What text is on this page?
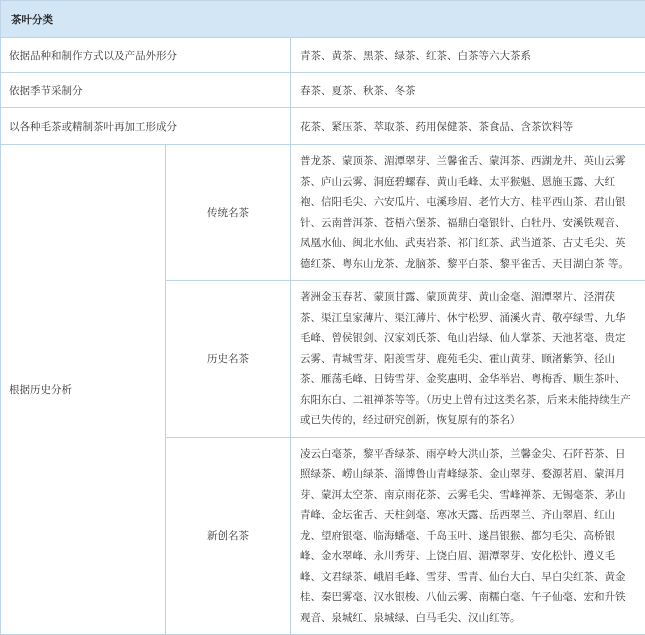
茶叶分类		
依据品种和制作方式以及产品外形分		青茶、黄茶、黑茶、绿茶、红茶、白茶等六大茶系
依据季节采制分		春茶、夏茶、秋茶、冬茶
以各种毛茶或精制茶叶再加工形成分		花茶、紧压茶、萃取茶、药用保健茶、茶食品、含茶饮料等
根据历史分析	传统名茶	普龙茶、蒙顶茶、湄潭翠芽、兰馨雀舌、蒙洱茶、西湖龙井、英山云雾茶、庐山云雾、洞庭碧螺春、黄山毛峰、太平猴魁、恩施玉露、大红袍、信阳毛尖、六安瓜片、屯溪珍眉、老竹大方、桂平西山茶、君山银针、云南普洱茶、苍梧六堡茶、福鼎白毫银针、白牡丹、安溪铁观音、凤凰水仙、闽北水仙、武夷岩茶、祁门红茶、武当道茶、古丈毛尖、英德红茶、粤东山龙茶、龙脑茶、黎平白茶、黎平雀舌、天目湖白茶 等。
	历史名茶	著洲金玉春茗、蒙顶甘露、蒙顶黄芽、黄山金毫、湄潭翠片、泾渭茯茶、渠江皇家薄片、渠江薄片、休宁松罗、涌溪火青、敬亭绿雪、九华毛峰、曾侯银剑、汉家刘氏茶、龟山岩绿、仙人掌茶、天池茗毫、贵定云雾、青城雪芽、阳羡雪芽、鹿苑毛尖、霍山黄芽、顾渚紫笋、径山茶、雁荡毛峰、日铸雪芽、金奖惠明、金华举岩、粤梅香、顺生茶叶、东阳东白、二祖禅茶等等。（历史上曾有过这类名茶，后来未能持续生产或已失传的，经过研究创新，恢复原有的茶名）
	新创名茶	凌云白毫茶，黎平香绿茶、雨亭岭大洪山茶，兰馨金尖、石阡苔茶、日照绿茶、崂山绿茶、淄博鲁山青峰绿茶、金山翠芽、婺源茗眉、蒙洱月芽、蒙洱太空茶、南京雨花茶、云雾毛尖、雪峰禅茶、无锡毫茶、茅山青峰、金坛雀舌、天柱剑毫、寒冰天露、岳西翠兰、齐山翠眉、红山龙、望府银毫、临海蟠毫、千岛玉叶、遂昌银猴、都匀毛尖、高桥银峰、金水翠峰、永川秀芽、上饶白眉、湄潭翠芽、安化松针、遵义毛峰、文君绿茶、峨眉毛峰、雪芽、雪青、仙台大白、早白尖红茶、黄金桂、秦巴雾毫、汉水银梭、八仙云雾、南糯白毫、午子仙毫、宏和升铁观音、泉城红、泉城绿、白马毛尖、汉山红等。
